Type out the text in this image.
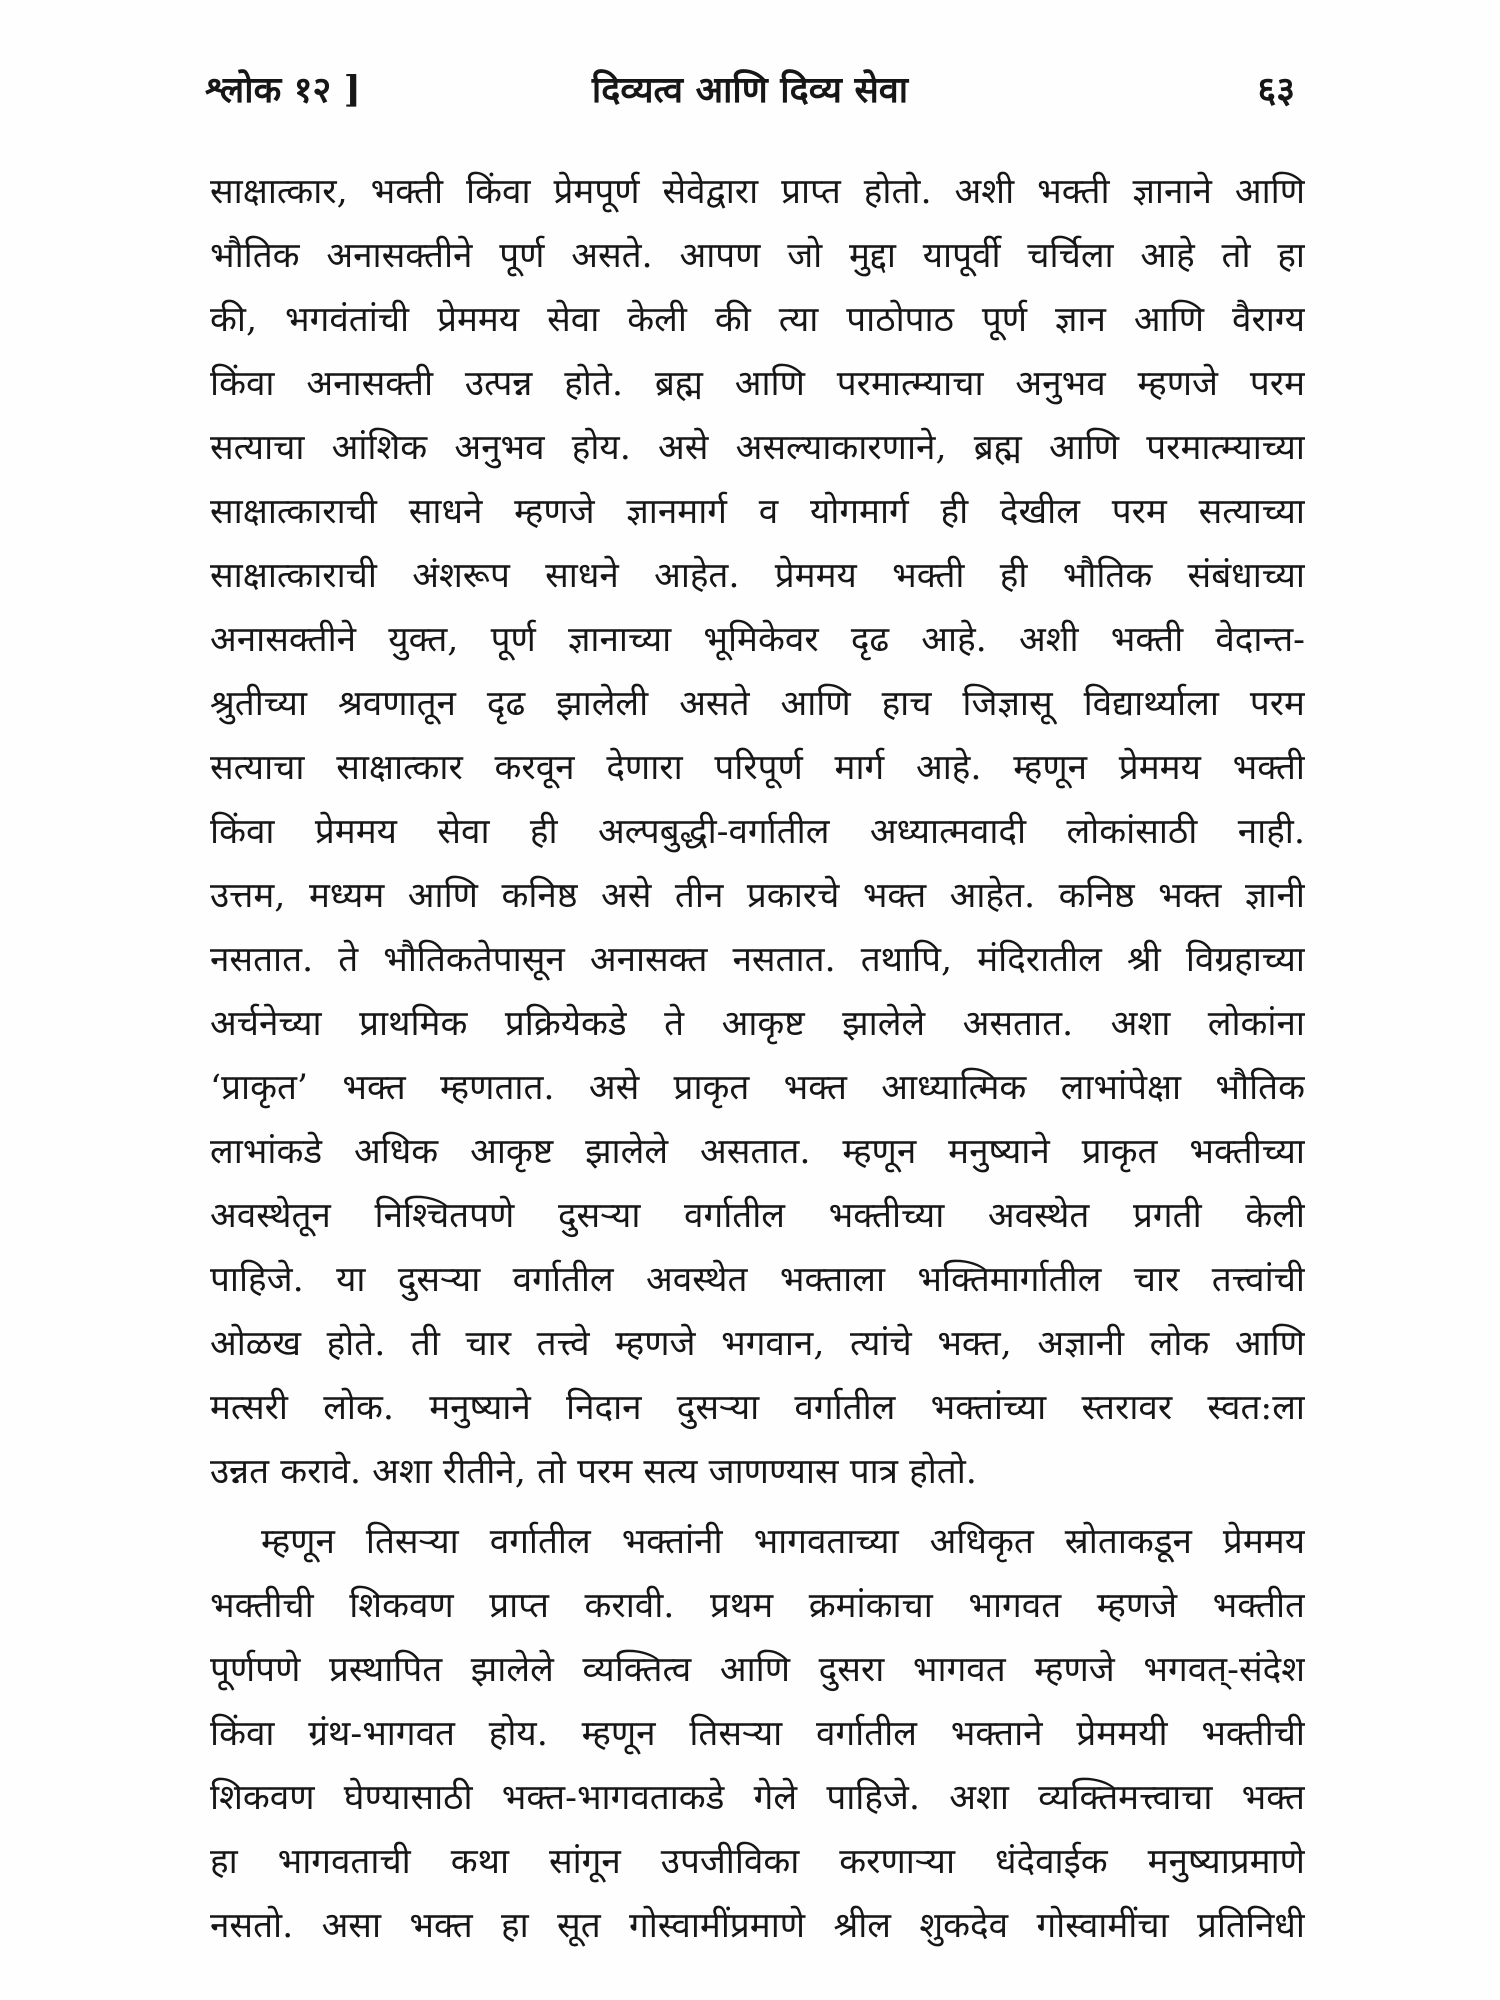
श्लोक १२ ]	दिव्यत्व आणि दिव्य सेवा	६३
साक्षात्कार, भक्ती किंवा प्रेमपूर्ण सेवेद्वारा प्राप्त होतो. अशी भक्ती ज्ञानाने आणि
भौतिक अनासक्तीने पूर्ण असते. आपण जो मुद्दा यापूर्वी चर्चिला आहे तो हा
की, भगवंतांची प्रेममय सेवा केली की त्या पाठोपाठ पूर्ण ज्ञान आणि वैराग्य
किंवा अनासक्ती उत्पन्न होते. ब्रह्म आणि परमात्म्याचा अनुभव म्हणजे परम
सत्याचा आंशिक अनुभव होय. असे असल्याकारणाने, ब्रह्म आणि परमात्म्याच्या
साक्षात्काराची साधने म्हणजे ज्ञानमार्ग व योगमार्ग ही देखील परम सत्याच्या
साक्षात्काराची अंशरूप साधने आहेत. प्रेममय भक्ती ही भौतिक संबंधाच्या
अनासक्तीने युक्त, पूर्ण ज्ञानाच्या भूमिकेवर दृढ आहे. अशी भक्ती वेदान्त-
श्रुतीच्या श्रवणातून दृढ झालेली असते आणि हाच जिज्ञासू विद्यार्थ्याला परम
सत्याचा साक्षात्कार करवून देणारा परिपूर्ण मार्ग आहे. म्हणून प्रेममय भक्ती
किंवा प्रेममय सेवा ही अल्पबुद्धी-वर्गातील अध्यात्मवादी लोकांसाठी नाही.
उत्तम, मध्यम आणि कनिष्ठ असे तीन प्रकारचे भक्त आहेत. कनिष्ठ भक्त ज्ञानी
नसतात. ते भौतिकतेपासून अनासक्त नसतात. तथापि, मंदिरातील श्री विग्रहाच्या
अर्चनेच्या प्राथमिक प्रक्रियेकडे ते आकृष्ट झालेले असतात. अशा लोकांना
‘प्राकृत’ भक्त म्हणतात. असे प्राकृत भक्त आध्यात्मिक लाभांपेक्षा भौतिक
लाभांकडे अधिक आकृष्ट झालेले असतात. म्हणून मनुष्याने प्राकृत भक्तीच्या
अवस्थेतून निश्चितपणे दुसऱ्या वर्गातील भक्तीच्या अवस्थेत प्रगती केली
पाहिजे. या दुसऱ्या वर्गातील अवस्थेत भक्ताला भक्तिमार्गातील चार तत्त्वांची
ओळख होते. ती चार तत्त्वे म्हणजे भगवान, त्यांचे भक्त, अज्ञानी लोक आणि
मत्सरी लोक. मनुष्याने निदान दुसऱ्या वर्गातील भक्तांच्या स्तरावर स्वत:ला
उन्नत करावे. अशा रीतीने, तो परम सत्य जाणण्यास पात्र होतो.
म्हणून तिसऱ्या वर्गातील भक्तांनी भागवताच्या अधिकृत स्रोताकडून प्रेममय
भक्तीची शिकवण प्राप्त करावी. प्रथम क्रमांकाचा भागवत म्हणजे भक्तीत
पूर्णपणे प्रस्थापित झालेले व्यक्तित्व आणि दुसरा भागवत म्हणजे भगवत्-संदेश
किंवा ग्रंथ-भागवत होय. म्हणून तिसऱ्या वर्गातील भक्ताने प्रेममयी भक्तीची
शिकवण घेण्यासाठी भक्त-भागवताकडे गेले पाहिजे. अशा व्यक्तिमत्त्वाचा भक्त
हा भागवताची कथा सांगून उपजीविका करणाऱ्या धंदेवाईक मनुष्याप्रमाणे
नसतो. असा भक्त हा सूत गोस्वामींप्रमाणे श्रील शुकदेव गोस्वामींचा प्रतिनिधी
